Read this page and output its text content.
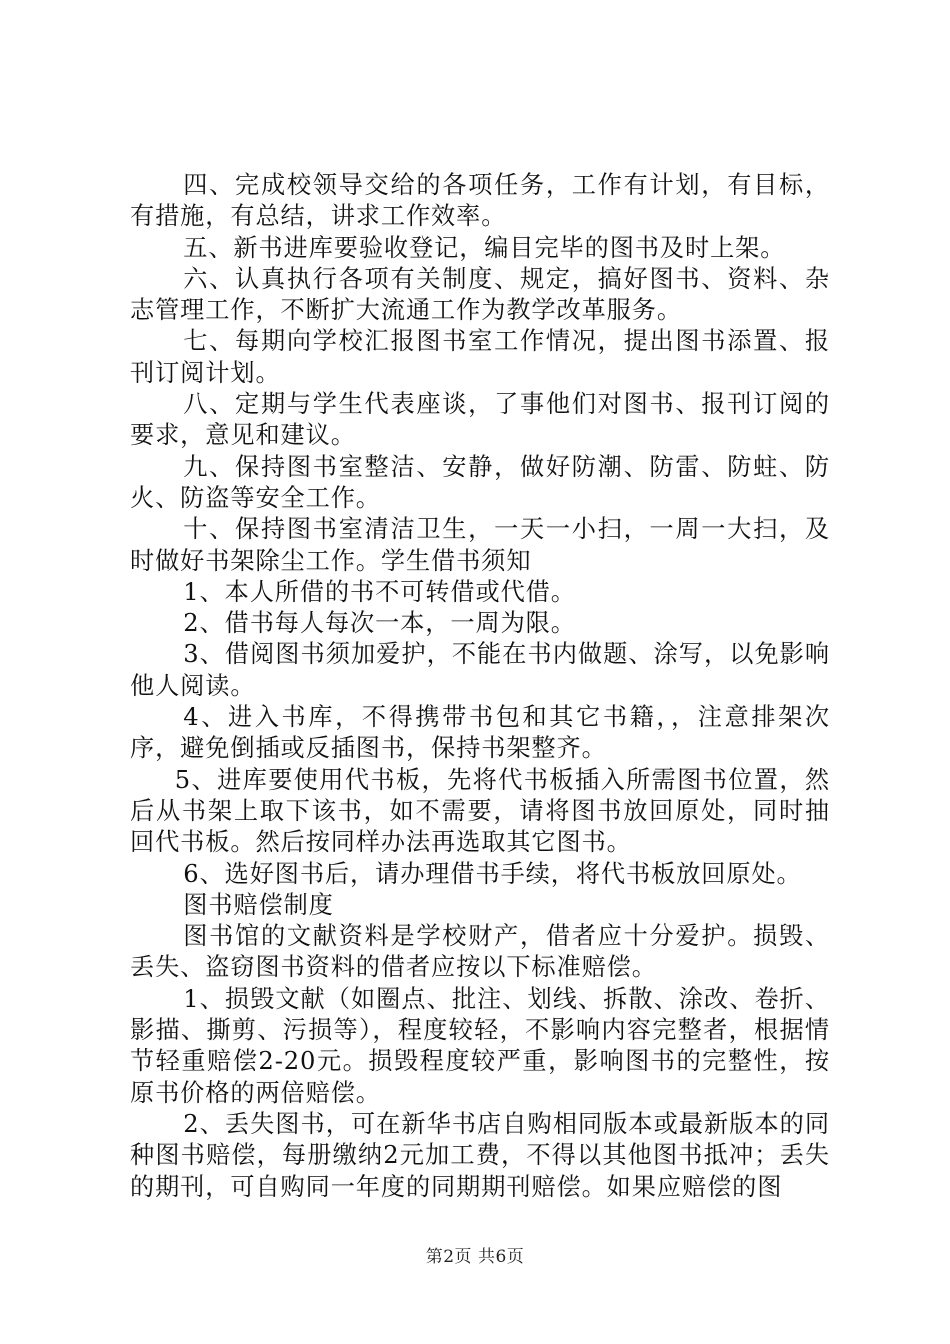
四、完成校领导交给的各项任务，工作有计划，有目标，有措施，有总结，讲求工作效率。

五、新书进库要验收登记，编目完毕的图书及时上架。

六、认真执行各项有关制度、规定，搞好图书、资料、杂志管理工作，不断扩大流通工作为教学改革服务。

七、每期向学校汇报图书室工作情况，提出图书添置、报刊订阅计划。

八、定期与学生代表座谈，了事他们对图书、报刊订阅的要求，意见和建议。

九、保持图书室整洁、安静，做好防潮、防雷、防蛀、防火、防盗等安全工作。

十、保持图书室清洁卫生，一天一小扫，一周一大扫，及时做好书架除尘工作。学生借书须知

1、本人所借的书不可转借或代借。

2、借书每人每次一本，一周为限。

3、借阅图书须加爱护，不能在书内做题、涂写，以免影响他人阅读。

4、进入书库，不得携带书包和其它书籍，，注意排架次序，避免倒插或反插图书，保持书架整齐。

5、进库要使用代书板，先将代书板插入所需图书位置，然后从书架上取下该书，如不需要，请将图书放回原处，同时抽回代书板。然后按同样办法再选取其它图书。

6、选好图书后，请办理借书手续，将代书板放回原处。

图书赔偿制度

图书馆的文献资料是学校财产，借者应十分爱护。损毁、丢失、盗窃图书资料的借者应按以下标准赔偿。

1、损毁文献（如圈点、批注、划线、拆散、涂改、卷折、影描、撕剪、污损等），程度较轻，不影响内容完整者，根据情节轻重赔偿2-20元。损毁程度较严重，影响图书的完整性，按原书价格的两倍赔偿。

2、丢失图书，可在新华书店自购相同版本或最新版本的同种图书赔偿，每册缴纳2元加工费，不得以其他图书抵冲；丢失的期刊，可自购同一年度的同期期刊赔偿。如果应赔偿的图

第2页 共6页
